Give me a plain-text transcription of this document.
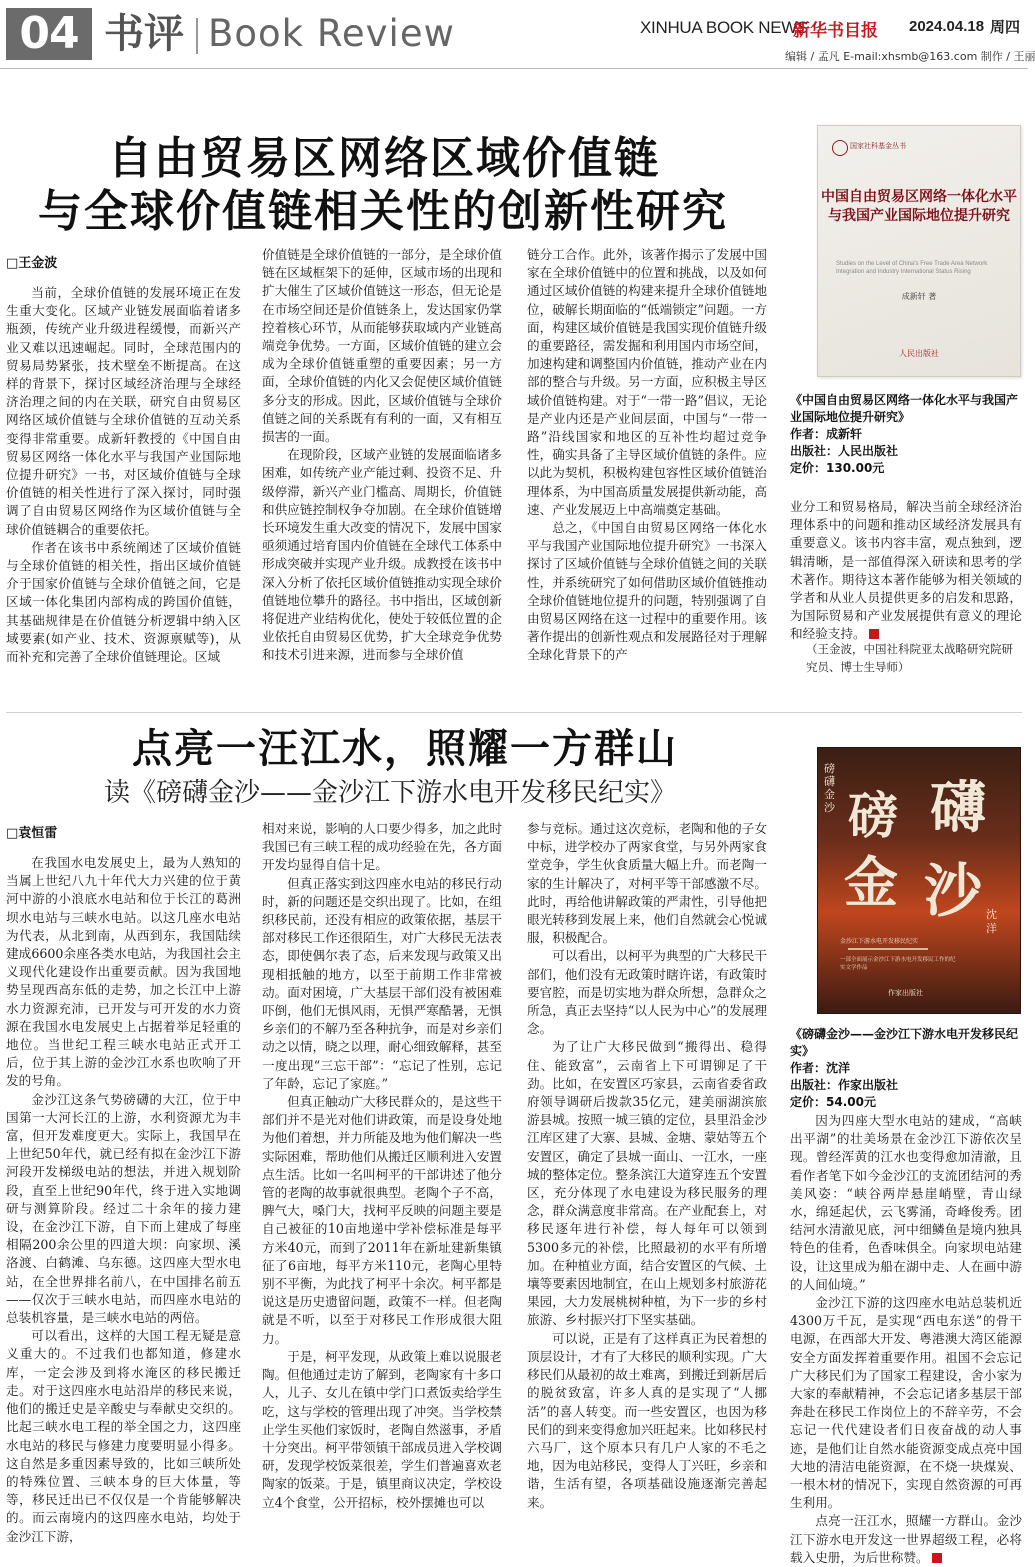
04 书评 Book Review	XINHUA BOOK NEWS
新华书目报 2024.04.18 周四
编辑 / 孟凡 E-mail:xhsmb@163.com 制作 / 王丽
自由贸易区网络区域价值链
与全球价值链相关性的创新性研究
□王金波

当前，全球价值链的发展环境正在发生重大变化。区域产业链发展面临着诸多瓶颈，传统产业升级进程缓慢，而新兴产业又难以迅速崛起。同时，全球范围内的贸易局势紧张，技术壁垒不断提高。在这样的背景下，探讨区域经济治理与全球经济治理之间的内在关联，研究自由贸易区网络区域价值链与全球价值链的互动关系变得非常重要。成新轩教授的《中国自由贸易区网络一体化水平与我国产业国际地位提升研究》一书，对区域价值链与全球价值链的相关性进行了深入探讨，同时强调了自由贸易区网络作为区域价值链与全球价值链耦合的重要依托。

作者在该书中系统阐述了区域价值链与全球价值链的相关性，指出区域价值链介于国家价值链与全球价值链之间，它是区域一体化集团内部构成的跨国价值链，其基础规律是在价值链分析逻辑中纳入区域要素(如产业、技术、资源禀赋等)，从而补充和完善了全球价值链理论。区域

价值链是全球价值链的一部分，是全球价值链在区域框架下的延伸，区域市场的出现和扩大催生了区域价值链这一形态，但无论是在市场空间还是价值链条上，发达国家仍掌控着核心环节，从而能够获取域内产业链高端竞争优势。一方面，区域价值链的建立会成为全球价值链重塑的重要因素；另一方面，全球价值链的内化又会促使区域价值链多分支的形成。因此，区域价值链与全球价值链之间的关系既有有利的一面，又有相互损害的一面。

在现阶段，区域产业链的发展面临诸多困难，如传统产业产能过剩、投资不足、升级停滞，新兴产业门槛高、周期长，价值链和供应链控制权争夺加剧。在全球价值链增长环境发生重大改变的情况下，发展中国家亟须通过培育国内价值链在全球代工体系中形成突破并实现产业升级。成教授在该书中深入分析了依托区域价值链推动实现全球价值链地位攀升的路径。书中指出，区域创新将促进产业结构优化，使处于较低位置的企业依托自由贸易区优势，扩大全球竞争优势和技术引进来源，进而参与全球价值

链分工合作。此外，该著作揭示了发展中国家在全球价值链中的位置和挑战，以及如何通过区域价值链的构建来提升全球价值链地位，破解长期面临的“低端锁定”问题。一方面，构建区域价值链是我国实现价值链升级的重要路径，需发掘和利用国内市场空间，加速构建和调整国内价值链，推动产业在内部的整合与升级。另一方面，应积极主导区域价值链构建。对于“一带一路”倡议，无论是产业内还是产业间层面，中国与“一带一路”沿线国家和地区的互补性均超过竞争性，确实具备了主导区域价值链的条件。应以此为契机，积极构建包容性区域价值链治理体系，为中国高质量发展提供新动能，高速、产业发展迈上中高端奠定基础。

总之，《中国自由贸易区网络一体化水平与我国产业国际地位提升研究》一书深入探讨了区域价值链与全球价值链之间的关联性，并系统研究了如何借助区域价值链推动全球价值链地位提升的问题，特别强调了自由贸易区网络在这一过程中的重要作用。该著作提出的创新性观点和发展路径对于理解全球化背景下的产

国家社科基金丛书
中国自由贸易区网络一体化水平与我国产业国际地位提升研究
Studies on the Level of China's Free Trade Area Network Integration and Industry International Status Rising
成新轩 著
人民出版社
《中国自由贸易区网络一体化水平与我国产业国际地位提升研究》
作者：成新轩
出版社：人民出版社
定价：130.00元

业分工和贸易格局，解决当前全球经济治理体系中的问题和推动区域经济发展具有重要意义。该书内容丰富，观点独到，逻辑清晰，是一部值得深入研读和思考的学术著作。期待这本著作能够为相关领域的学者和从业人员提供更多的启发和思路，为国际贸易和产业发展提供有意义的理论和经验支持。

（王金波，中国社科院亚太战略研究院研究员、博士生导师）
点亮一汪江水，照耀一方群山
读《磅礴金沙——金沙江下游水电开发移民纪实》
□袁恒雷

在我国水电发展史上，最为人熟知的当属上世纪八九十年代大力兴建的位于黄河中游的小浪底水电站和位于长江的葛洲坝水电站与三峡水电站。以这几座水电站为代表，从北到南，从西到东，我国陆续建成6600余座各类水电站，为我国社会主义现代化建设作出重要贡献。因为我国地势呈现西高东低的走势，加之长江中上游水力资源充沛，已开发与可开发的水力资源在我国水电发展史上占据着举足轻重的地位。当世纪工程三峡水电站正式开工后，位于其上游的金沙江水系也吹响了开发的号角。

金沙江这条气势磅礴的大江，位于中国第一大河长江的上游，水利资源尤为丰富，但开发难度更大。实际上，我国早在上世纪50年代，就已经有拟在金沙江下游河段开发梯级电站的想法，并进入规划阶段，直至上世纪90年代，终于进入实地调研与测算阶段。经过二十余年的接力建设，在金沙江下游，自下而上建成了每座相隔200余公里的四道大坝：向家坝、溪洛渡、白鹤滩、乌东德。这四座大型水电站，在全世界排名前八，在中国排名前五——仅次于三峡水电站，而四座水电站的总装机容量，是三峡水电站的两倍。

可以看出，这样的大国工程无疑是意义重大的。不过我们也都知道，修建水库，一定会涉及到将水淹区的移民搬迁走。对于这四座水电站沿岸的移民来说，他们的搬迁史是辛酸史与奉献史交织的。比起三峡水电工程的举全国之力，这四座水电站的移民与修建力度要明显小得多。这自然是多重因素导致的，比如三峡所处的特殊位置、三峡本身的巨大体量，等等，移民迁出已不仅仅是一个肯能够解决的。而云南境内的这四座水电站，均处于金沙江下游，

相对来说，影响的人口要少得多，加之此时我国已有三峡工程的成功经验在先，各方面开发均显得自信十足。

但真正落实到这四座水电站的移民行动时，新的问题还是交织出现了。比如，在组织移民前，还没有相应的政策依据，基层干部对移民工作还很陌生，对广大移民无法表态，即使偶尔表了态，后来发现与政策又出现相抵触的地方，以至于前期工作非常被动。面对困境，广大基层干部们没有被困难吓倒，他们无惧风雨，无惧严寒酷暑，无惧乡亲们的不解乃至各种抗争，而是对乡亲们动之以情，晓之以理，耐心细致解释，甚至一度出现“三忘干部”：“忘记了性别，忘记了年龄，忘记了家庭。”

但真正触动广大移民群众的，是这些干部们并不是光对他们讲政策，而是设身处地为他们着想，并力所能及地为他们解决一些实际困难，帮助他们从搬迁区顺利进入安置点生活。比如一名叫柯平的干部讲述了他分管的老陶的故事就很典型。老陶个子不高，脾气大，嗓门大，找柯平反映的问题主要是自己被征的10亩地递中学补偿标准是每平方米40元，而到了2011年在新址建新集镇征了6亩地，每平方米110元，老陶心里特别不平衡，为此找了柯平十余次。柯平都是说这是历史遗留问题，政策不一样。但老陶就是不听，以至于对移民工作形成很大阻力。

于是，柯平发现，从政策上难以说服老陶。但他通过走访了解到，老陶家有十多口人，儿子、女儿在镇中学门口煮饭卖给学生吃，这与学校的管理出现了冲突。当学校禁止学生买他们家饭时，老陶自然滋事，矛盾十分突出。柯平带领镇干部成员进入学校调研，发现学校饭菜很差，学生们普遍喜欢老陶家的饭菜。于是，镇里商议决定，学校设立4个食堂，公开招标，校外摆摊也可以

参与竞标。通过这次竞标，老陶和他的子女中标，进学校办了两家食堂，与另外两家食堂竞争，学生伙食质量大幅上升。而老陶一家的生计解决了，对柯平等干部感激不尽。此时，再给他讲解政策的严肃性，引导他把眼光转移到发展上来，他们自然就会心悦诚服，积极配合。

可以看出，以柯平为典型的广大移民干部们，他们没有无政策时瞎许诺，有政策时要官腔，而是切实地为群众所想，急群众之所急，真正去坚持“以人民为中心”的发展理念。

为了让广大移民做到“搬得出、稳得住、能致富”，云南省上下可谓铆足了干劲。比如，在安置区巧家县，云南省委省政府领导调研后拨款35亿元，建美丽湖滨旅游县城。按照一城三镇的定位，县里沿金沙江库区建了大寨、县城、金塘、蒙姑等五个安置区，确定了县城一面山、一江水，一座城的整体定位。整条滨江大道穿连五个安置区，充分体现了水电建设为移民服务的理念，群众满意度非常高。在产业配套上，对移民逐年进行补偿，每人每年可以领到5300多元的补偿，比照最初的水平有所增加。在种植业方面，结合安置区的气候、土壤等要素因地制宜，在山上规划多村旅游花果园，大力发展桃树种植，为下一步的乡村旅游、乡村振兴打下坚实基础。

可以说，正是有了这样真正为民着想的顶层设计，才有了大移民的顺利实现。广大移民们从最初的故土难离，到搬迁到新居后的脱贫致富，许多人真的是实现了“人挪活”的喜人转变。而一些安置区，也因为移民们的到来变得愈加兴旺起来。比如移民村六马厂，这个原本只有几户人家的不毛之地，因为电站移民，变得人丁兴旺，乡亲和谐，生活有望，各项基础设施逐渐完善起来。

磅礴金沙 磅 礴
金 沙
金沙江下游水电开发移民纪实
一部全面展示金沙江下游水电开发移民工作的纪实文学作品
沈洋
作家出版社
《磅礴金沙——金沙江下游水电开发移民纪实》
作者：沈洋
出版社：作家出版社
定价：54.00元

因为四座大型水电站的建成，“高峡出平湖”的壮美场景在金沙江下游依次呈现。曾经浑黄的江水也变得愈加清澈，且看作者笔下如今金沙江的支流团结河的秀美风姿：“峡谷两岸悬崖峭壁，青山绿水，绵延起伏，云飞雾涌，奇峰俊秀。团结河水清澈见底，河中细鳞鱼是境内独具特色的佳肴，色香味俱全。向家坝电站建设，让这里成为船在湖中走、人在画中游的人间仙境。”

金沙江下游的这四座水电站总装机近4300万千瓦，是实现“西电东送”的骨干电源，在西部大开发、粤港澳大湾区能源安全方面发挥着重要作用。祖国不会忘记广大移民们为了国家工程建设，舍小家为大家的奉献精神，不会忘记诸多基层干部奔赴在移民工作岗位上的不辞辛劳，不会忘记一代代建设者们日夜奋战的动人事迹，是他们让自然水能资源变成点亮中国大地的清洁电能资源，在不烧一块煤炭、一根木材的情况下，实现自然资源的可再生利用。

点亮一汪江水，照耀一方群山。金沙江下游水电开发这一世界超级工程，必将载入史册，为后世称赞。
